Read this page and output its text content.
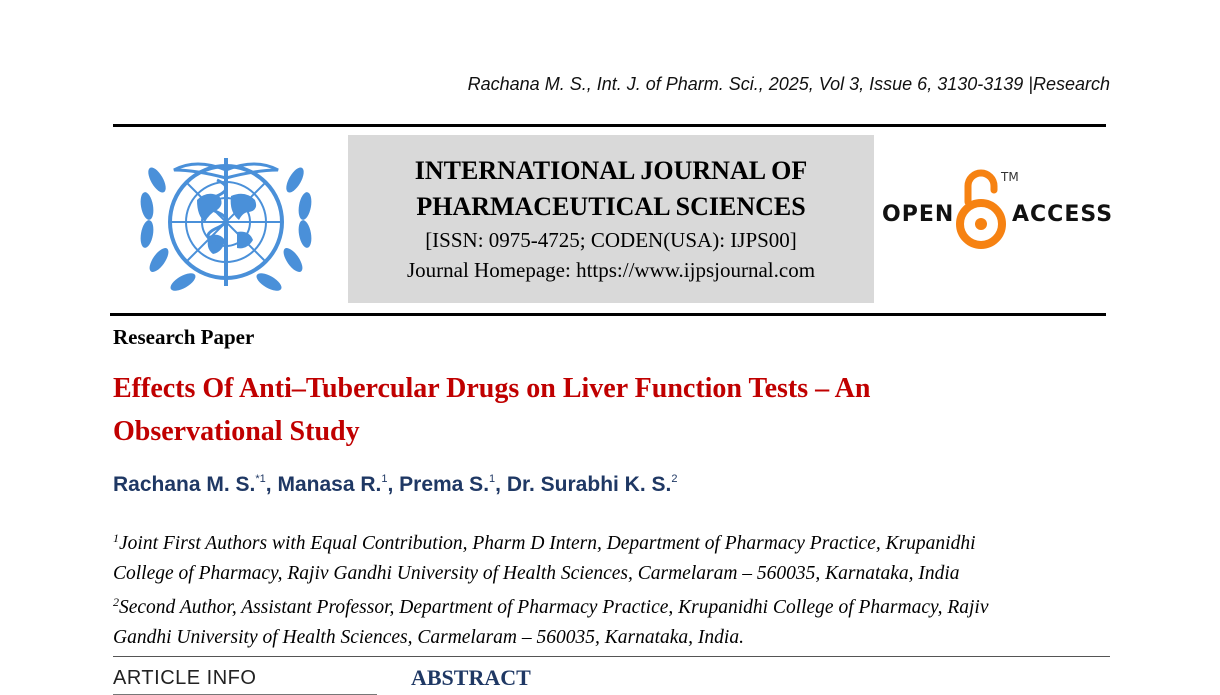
Rachana M. S., Int. J. of Pharm. Sci., 2025, Vol 3, Issue 6, 3130-3139 |Research
INTERNATIONAL JOURNAL OF
PHARMACEUTICAL SCIENCES
[ISSN: 0975-4725; CODEN(USA): IJPS00]
Journal Homepage: https://www.ijpsjournal.com
OPEN
TM
ACCESS
Research Paper
Effects Of Anti–Tubercular Drugs on Liver Function Tests – An
Observational Study
Rachana M. S.$^{*1}$, Manasa R.$^1$, Prema S.$^1$, Dr. Surabhi K. S.$^2$
$^1$Joint First Authors with Equal Contribution, Pharm D Intern, Department of Pharmacy Practice, Krupanidhi
College of Pharmacy, Rajiv Gandhi University of Health Sciences, Carmelaram – 560035, Karnataka, India
$^2$Second Author, Assistant Professor, Department of Pharmacy Practice, Krupanidhi College of Pharmacy, Rajiv
Gandhi University of Health Sciences, Carmelaram – 560035, Karnataka, India.
ARTICLE INFO	ABSTRACT
